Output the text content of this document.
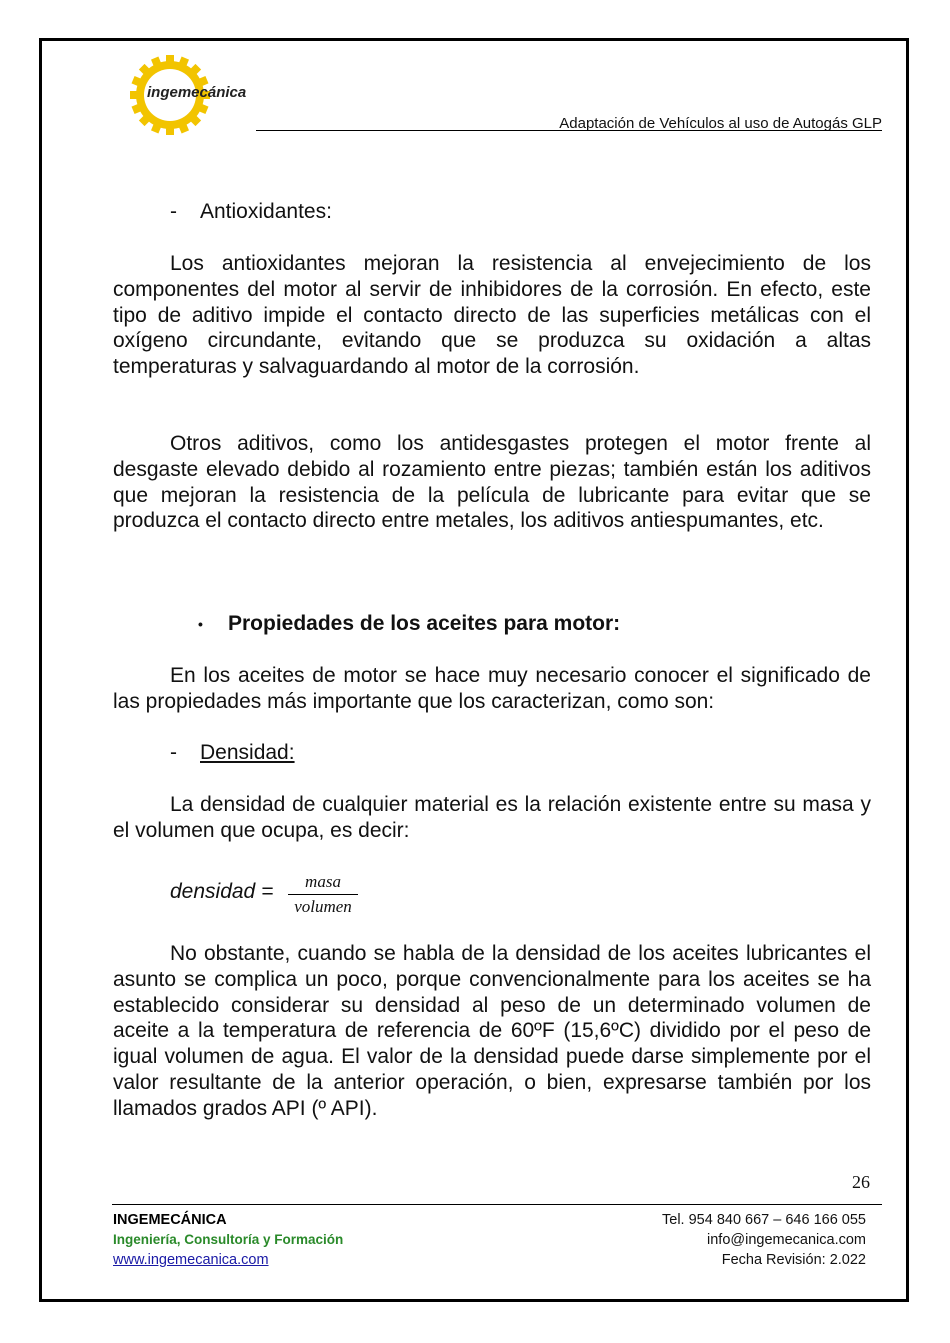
ingemecánica
Adaptación de Vehículos al uso de Autogás GLP
- Antioxidantes:
Los antioxidantes mejoran la resistencia al envejecimiento de los componentes del motor al servir de inhibidores de la corrosión. En efecto, este tipo de aditivo impide el contacto directo de las superficies metálicas con el oxígeno circundante, evitando que se produzca su oxidación a altas temperaturas y salvaguardando al motor de la corrosión.
Otros aditivos, como los antidesgastes protegen el motor frente al desgaste elevado debido al rozamiento entre piezas; también están los aditivos que mejoran la resistencia de la película de lubricante para evitar que se produzca el contacto directo entre metales, los aditivos antiespumantes, etc.
• Propiedades de los aceites para motor:
En los aceites de motor se hace muy necesario conocer el significado de las propiedades más importante que los caracterizan, como son:
- Densidad:
La densidad de cualquier material es la relación existente entre su masa y el volumen que ocupa, es decir:
densidad =	masa
volumen
No obstante, cuando se habla de la densidad de los aceites lubricantes el asunto se complica un poco, porque convencionalmente para los aceites se ha establecido considerar su densidad al peso de un determinado volumen de aceite a la temperatura de referencia de 60ºF (15,6ºC) dividido por el peso de igual volumen de agua. El valor de la densidad puede darse simplemente por el valor resultante de la anterior operación, o bien, expresarse también por los llamados grados API (º API).
26
INGEMECÁNICA
Ingeniería, Consultoría y Formación
www.ingemecanica.com
Tel. 954 840 667 – 646 166 055
info@ingemecanica.com
Fecha Revisión: 2.022
